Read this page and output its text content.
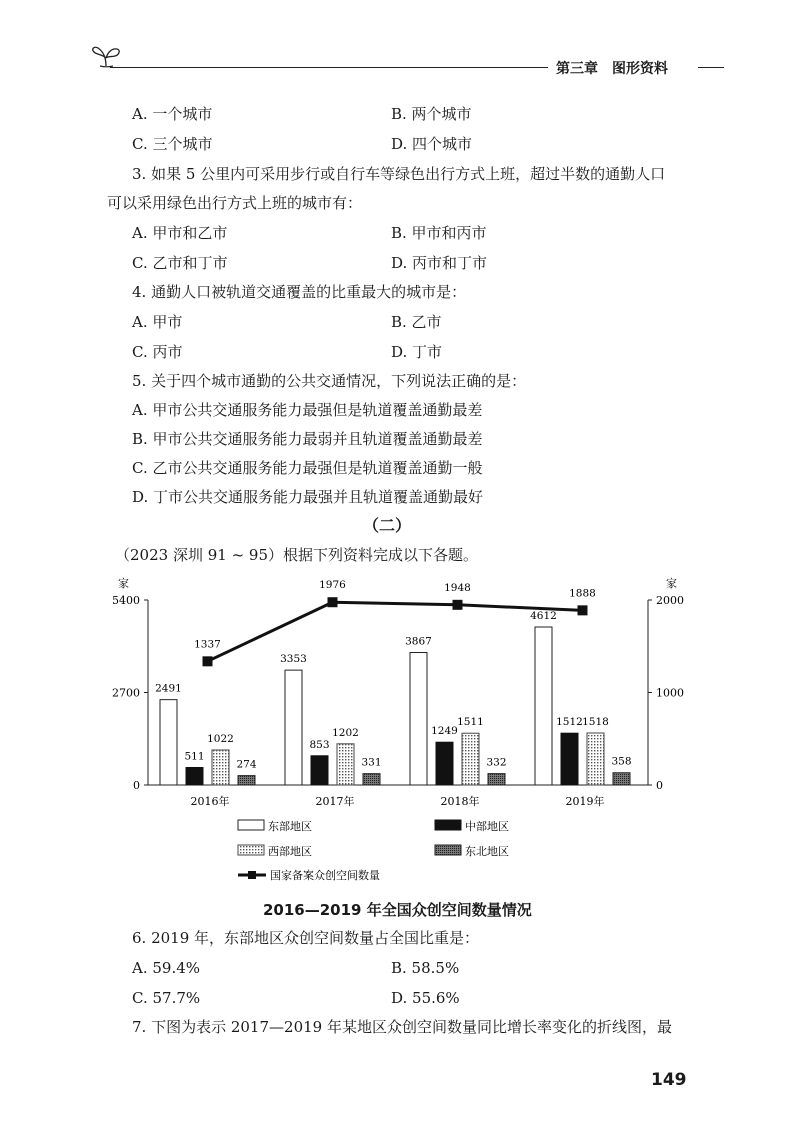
第三章　图形资料
A. 一个城市	B. 两个城市
C. 三个城市	D. 四个城市
3. 如果 5 公里内可采用步行或自行车等绿色出行方式上班，超过半数的通勤人口
可以采用绿色出行方式上班的城市有：
A. 甲市和乙市	B. 甲市和丙市
C. 乙市和丁市	D. 丙市和丁市
4. 通勤人口被轨道交通覆盖的比重最大的城市是：
A. 甲市	B. 乙市
C. 丙市	D. 丁市
5. 关于四个城市通勤的公共交通情况，下列说法正确的是：
A. 甲市公共交通服务能力最强但是轨道覆盖通勤最差
B. 甲市公共交通服务能力最弱并且轨道覆盖通勤最差
C. 乙市公共交通服务能力最强但是轨道覆盖通勤一般
D. 丁市公共交通服务能力最强并且轨道覆盖通勤最好
（二）
（2023 深圳 91 ~ 95）根据下列资料完成以下各题。
家	家
5400
2700
0
2000
1000
0
2491
511
1022
274
2016年
3353
853
1202
331
2017年
3867
1249
1511
332
2018年
4612
1512 1518
358
2019年
1337
1976	1948	1888
东部地区	中部地区
西部地区	东北地区
国家备案众创空间数量
2016—2019 年全国众创空间数量情况
6. 2019 年，东部地区众创空间数量占全国比重是：
A. 59.4%	B. 58.5%
C. 57.7%	D. 55.6%
7. 下图为表示 2017—2019 年某地区众创空间数量同比增长率变化的折线图，最
149
